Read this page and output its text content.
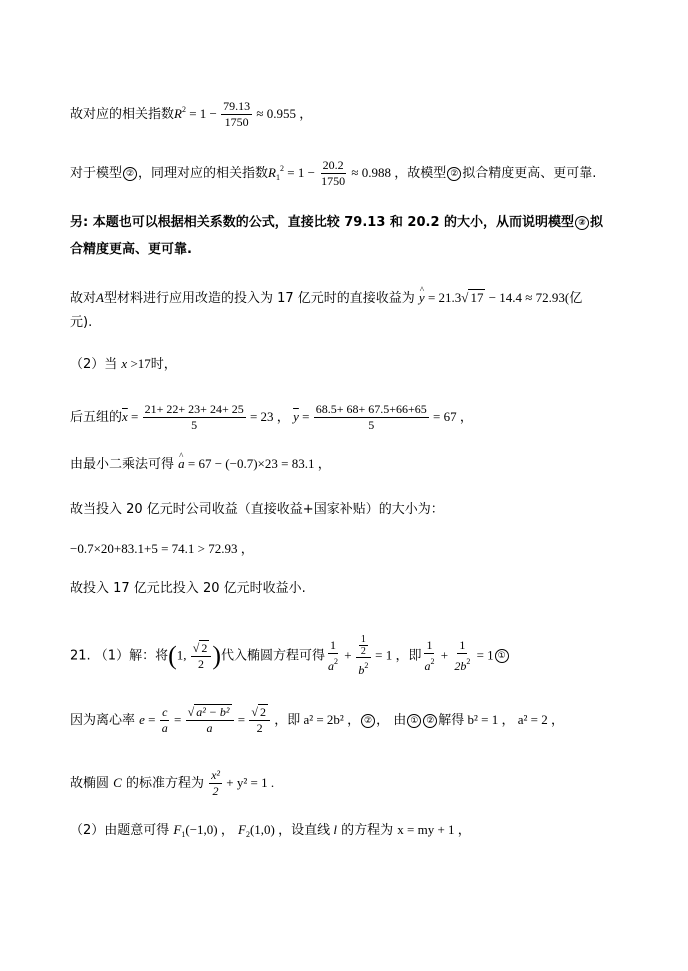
故对应的相关指数$R^2 = 1 - \frac{79.13}{1750} \approx 0.955$ ，
对于模型 ② ，同理对应的相关指数$R_1^2 = 1 - \frac{20.2}{1750} \approx 0.988$ ，故模型 ② 拟合精度更高、更可靠.
另: 本题也可以根据相关系数的公式，直接比较 79.13 和 20.2 的大小，从而说明模型 ② 拟
合精度更高、更可靠.
故对A型材料进行应用改造的投入为 17 亿元时的直接收益为 ^ y = 21.3√ 17 − 14.4 ≈ 72.93(亿
元).
（2）当 x >17时，
后五组的$\overline{x} = \frac{21+ 22+ 23+ 24+ 25}{5} = 23$ ， $\overline{y} = \frac{68.5+ 68+ 67.5+66+65}{5} = 67$ ，
由最小二乘法可得 ^ a = 67 − (−0.7)×23 = 83.1 ，
故当投入 20 亿元时公司收益（直接收益+国家补贴）的大小为：
−0.7×20+83.1+5 = 74.1 > 72.93 ，
故投入 17 亿元比投入 20 亿元时收益小.
21. （1）解：将(1, $\frac{√ 2}{2}$ )代入椭圆方程可得 $\frac{1}{a^2} + \frac{\frac{1}{2}}{b^2} = 1$ ，即 $\frac{1}{a^2} + \frac{1}{2b^2} = 1$ ①
因为离心率 $e = \frac{c}{a} = \frac{\text{√ a² − b²}}{a} = \frac{√ 2}{2}$ ，即 a² = 2b² ， ② ， 由 ① ② 解得 b² = 1 ， a² = 2 ，
故椭圆 C 的标准方程为 $\frac{\text{x²}}{2} + y^2 = 1$ .
（2）由题意可得 $F_1(-1,0)$ ， $F_2(1,0)$ ，设直线 l 的方程为 x = my + 1 ，
